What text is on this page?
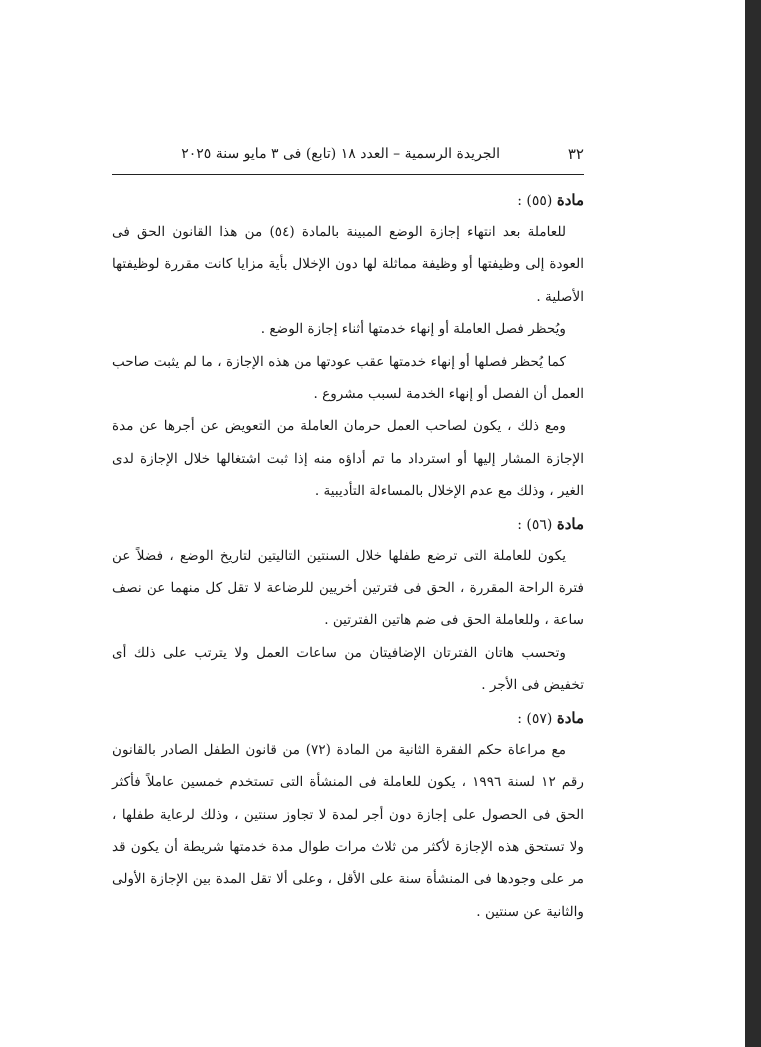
٣٢
الجريدة الرسمية – العدد ١٨ (تابع) فى ٣ مايو سنة ٢٠٢٥
مادة (٥٥) :

للعاملة بعد انتهاء إجازة الوضع المبينة بالمادة (٥٤) من هذا القانون الحق فى العودة إلى وظيفتها أو وظيفة مماثلة لها دون الإخلال بأية مزايا كانت مقررة لوظيفتها الأصلية .

ويُحظر فصل العاملة أو إنهاء خدمتها أثناء إجازة الوضع .

كما يُحظر فصلها أو إنهاء خدمتها عقب عودتها من هذه الإجازة ، ما لم يثبت صاحب العمل أن الفصل أو إنهاء الخدمة لسبب مشروع .

ومع ذلك ، يكون لصاحب العمل حرمان العاملة من التعويض عن أجرها عن مدة الإجازة المشار إليها أو استرداد ما تم أداؤه منه إذا ثبت اشتغالها خلال الإجازة لدى الغير ، وذلك مع عدم الإخلال بالمساءلة التأديبية .

مادة (٥٦) :

يكون للعاملة التى ترضع طفلها خلال السنتين التاليتين لتاريخ الوضع ، فضلاً عن فترة الراحة المقررة ، الحق فى فترتين أخريين للرضاعة لا تقل كل منهما عن نصف ساعة ، وللعاملة الحق فى ضم هاتين الفترتين .

وتحسب هاتان الفترتان الإضافيتان من ساعات العمل ولا يترتب على ذلك أى تخفيض فى الأجر .

مادة (٥٧) :

مع مراعاة حكم الفقرة الثانية من المادة (٧٢) من قانون الطفل الصادر بالقانون رقم ١٢ لسنة ١٩٩٦ ، يكون للعاملة فى المنشأة التى تستخدم خمسين عاملاً فأكثر الحق فى الحصول على إجازة دون أجر لمدة لا تجاوز سنتين ، وذلك لرعاية طفلها ، ولا تستحق هذه الإجازة لأكثر من ثلاث مرات طوال مدة خدمتها شريطة أن يكون قد مر على وجودها فى المنشأة سنة على الأقل ، وعلى ألا تقل المدة بين الإجازة الأولى والثانية عن سنتين .
